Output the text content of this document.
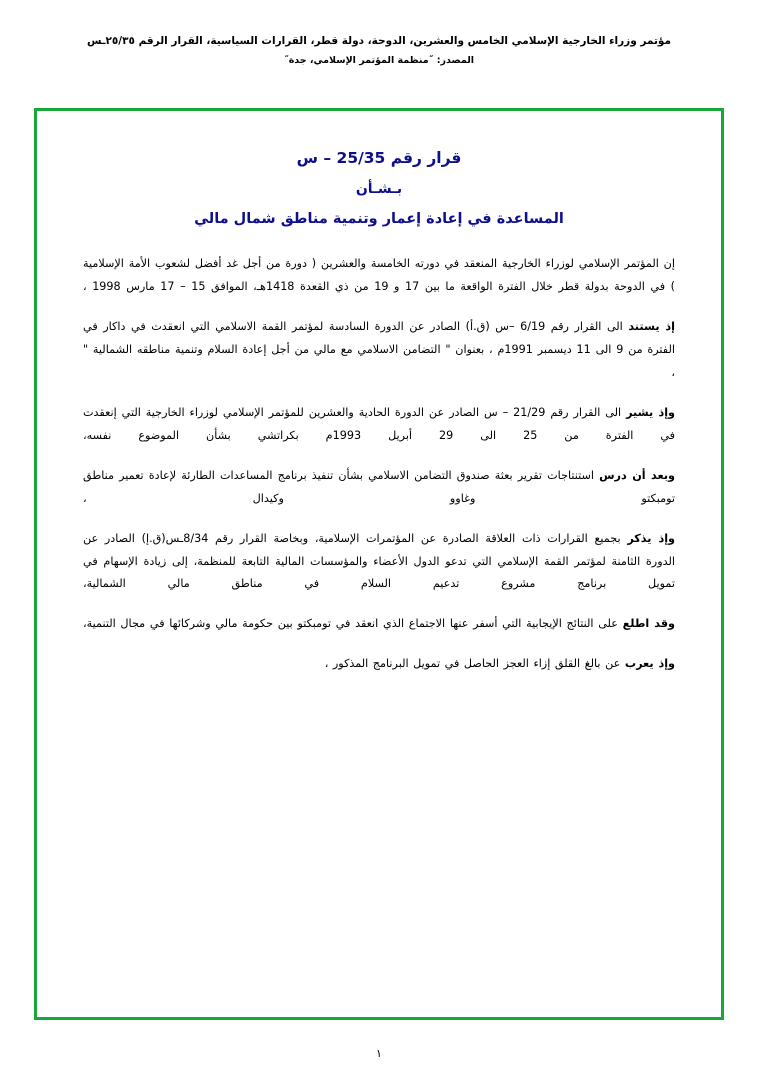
مؤتمر وزراء الخارجية الإسلامي الخامس والعشرين، الدوحة، دولة قطر، القرارات السياسية، القرار الرقم ٢٥/٣٥ـس
المصدر: ˝منظمة المؤتمر الإسلامي، جدة˝
قرار رقم 25/35 – س
بـشـأن
المساعدة في إعادة إعمار وتنمية مناطق شمال مالي

إن المؤتمر الإسلامي لوزراء الخارجية المنعقد في دورته الخامسة والعشرين ( دورة من أجل غد أفضل لشعوب الأمة الإسلامية ) في الدوحة بدولة قطر خلال الفترة الواقعة ما بين 17 و 19 من ذي القعدة 1418هـ، الموافق 15 – 17 مارس 1998 ،

إذ يستند الى القرار رقم 6/19 –س (ق.أ) الصادر عن الدورة السادسة لمؤتمر القمة الاسلامي التي انعقدت في داكار في الفترة من 9 الى 11 ديسمبر 1991م ، بعنوان " التضامن الاسلامي مع مالي من أجل إعادة السلام وتنمية مناطقه الشمالية " ،

وإذ يشير الى القرار رقم 21/29 – س الصادر عن الدورة الحادية والعشرين للمؤتمر الإسلامي لوزراء الخارجية التي إنعقدت في الفترة من 25 الى 29 أبريل 1993م بكراتشي بشأن الموضوع نفسه،

وبعد أن درس استنتاجات تقرير بعثة صندوق التضامن الاسلامي بشأن تنفيذ برنامج المساعدات الطارئة لإعادة تعمير مناطق تومبكتو وغاوو وكيدال ،

وإذ يذكر بجميع القرارات ذات العلاقة الصادرة عن المؤتمرات الإسلامية، وبخاصة القرار رقم 8/34ـس(ق.إ) الصادر عن الدورة الثامنة لمؤتمر القمة الإسلامي التي تدعو الدول الأعضاء والمؤسسات المالية التابعة للمنظمة، إلى زيادة الإسهام في تمويل برنامج مشروع تدعيم السلام في مناطق مالي الشمالية،

وقد اطلع على النتائج الإيجابية التي أسفر عنها الاجتماع الذي انعقد في تومبكتو بين حكومة مالي وشركائها في مجال التنمية،

وإذ يعرب عن بالغ القلق إزاء العجز الحاصل في تمويل البرنامج المذكور ،

١
